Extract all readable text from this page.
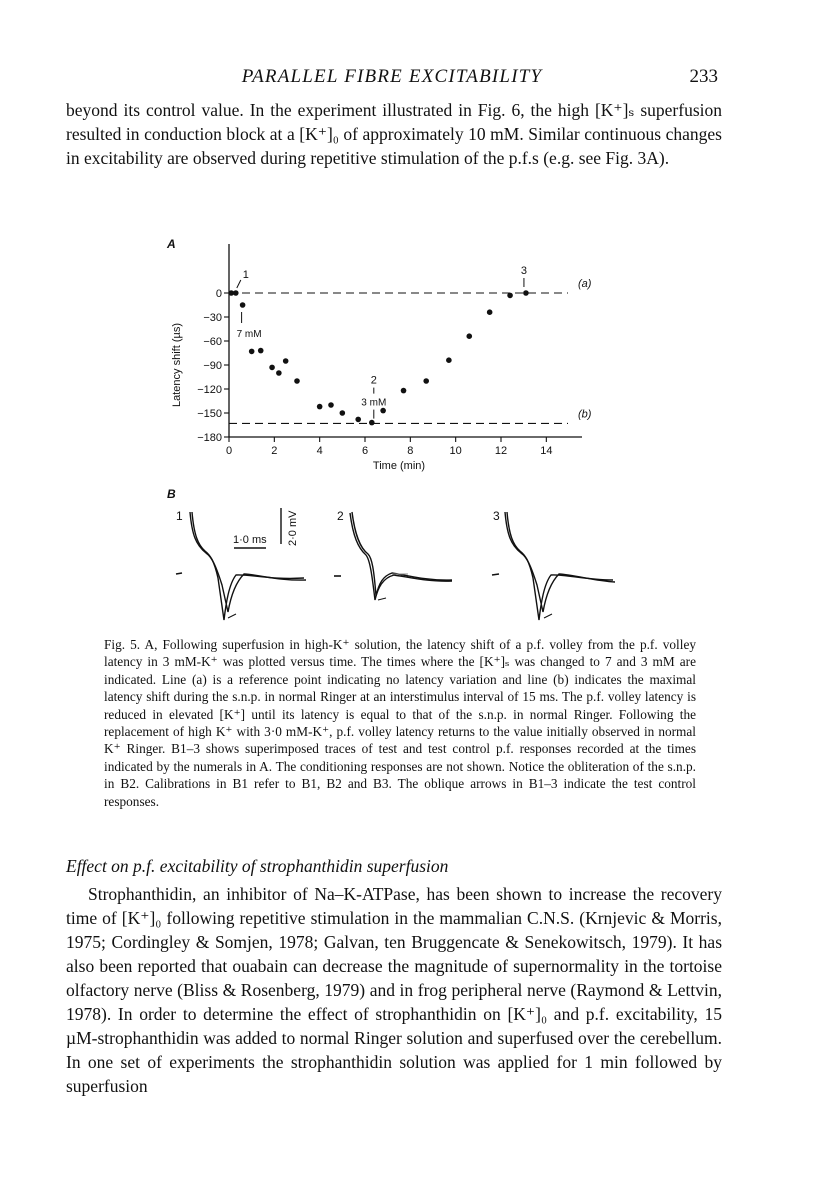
PARALLEL FIBRE EXCITABILITY	233

beyond its control value. In the experiment illustrated in Fig. 6, the high [K⁺]ₛ superfusion resulted in conduction block at a [K⁺]₀ of approximately 10 mM. Similar continuous changes in excitability are observed during repetitive stimulation of the p.f.s (e.g. see Fig. 3A).

A
0
−30
−60
−90
−120
−150
−180
0	2	4	6	8	10	12	14
Time (min)
Latency shift (µs)
(a)
(b)
1
7 mM
2
3 mM
3
B
1
1·0 ms 2·0 mV	2	3

Fig. 5. A, Following superfusion in high-K⁺ solution, the latency shift of a p.f. volley from the p.f. volley latency in 3 mM-K⁺ was plotted versus time. The times where the [K⁺]ₛ was changed to 7 and 3 mM are indicated. Line (a) is a reference point indicating no latency variation and line (b) indicates the maximal latency shift during the s.n.p. in normal Ringer at an interstimulus interval of 15 ms. The p.f. volley latency is reduced in elevated [K⁺] until its latency is equal to that of the s.n.p. in normal Ringer. Following the replacement of high K⁺ with 3·0 mM-K⁺, p.f. volley latency returns to the value initially observed in normal K⁺ Ringer. B1–3 shows superimposed traces of test and test control p.f. responses recorded at the times indicated by the numerals in A. The conditioning responses are not shown. Notice the obliteration of the s.n.p. in B2. Calibrations in B1 refer to B1, B2 and B3. The oblique arrows in B1–3 indicate the test control responses.

Effect on p.f. excitability of strophanthidin superfusion

Strophanthidin, an inhibitor of Na–K-ATPase, has been shown to increase the recovery time of [K⁺]₀ following repetitive stimulation in the mammalian C.N.S. (Krnjevic & Morris, 1975; Cordingley & Somjen, 1978; Galvan, ten Bruggencate & Senekowitsch, 1979). It has also been reported that ouabain can decrease the magnitude of supernormality in the tortoise olfactory nerve (Bliss & Rosenberg, 1979) and in frog peripheral nerve (Raymond & Lettvin, 1978). In order to determine the effect of strophanthidin on [K⁺]₀ and p.f. excitability, 15 µM-strophanthidin was added to normal Ringer solution and superfused over the cerebellum. In one set of experiments the strophanthidin solution was applied for 1 min followed by superfusion
